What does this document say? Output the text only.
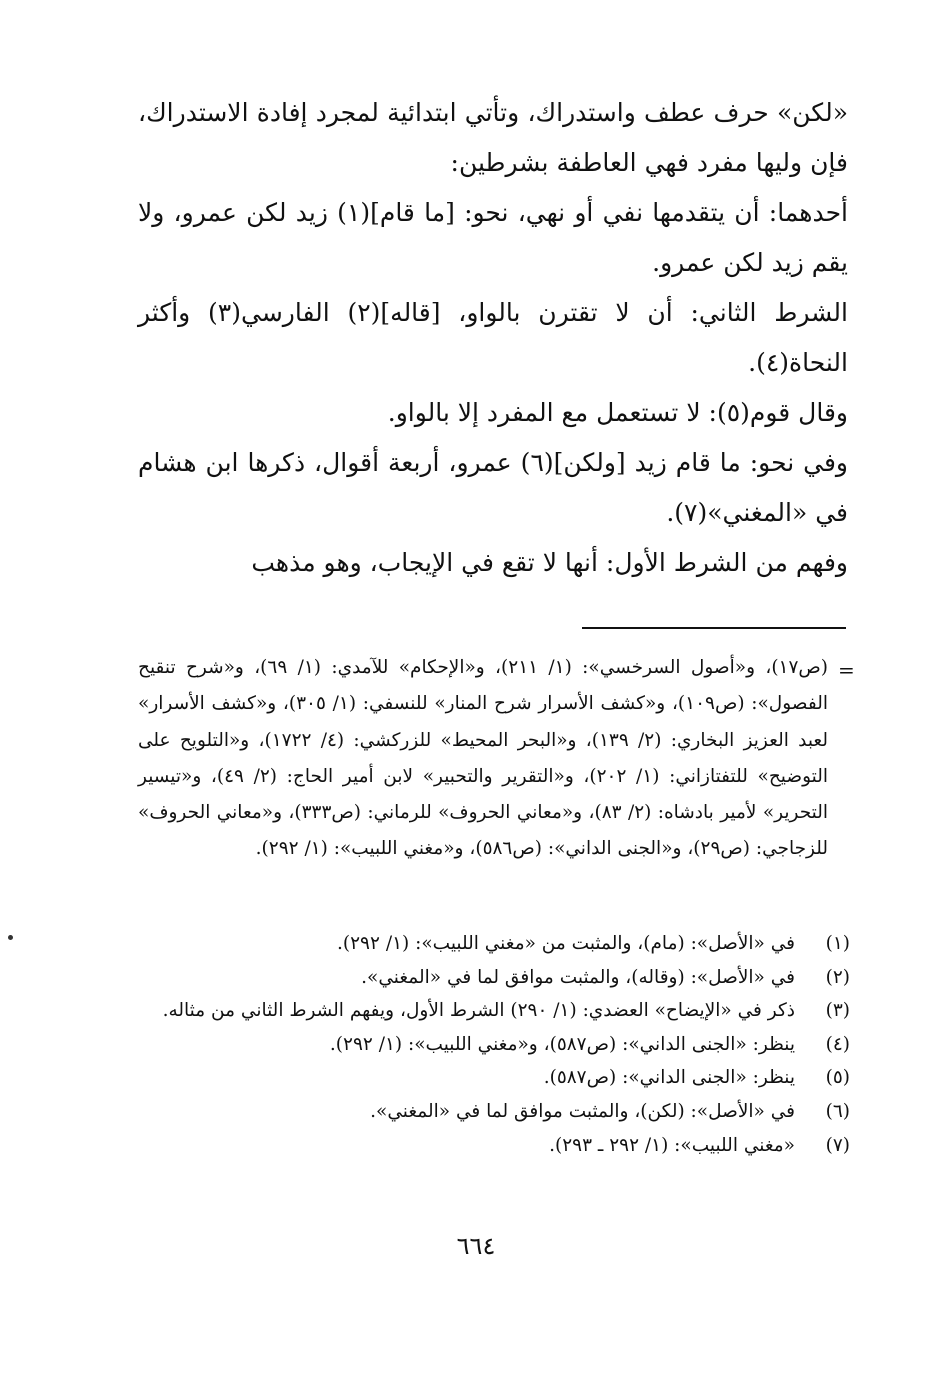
«لكن» حرف عطف واستدراك، وتأتي ابتدائية لمجرد إفادة الاستدراك، فإن وليها مفرد فهي العاطفة بشرطين:

أحدهما: أن يتقدمها نفي أو نهي، نحو: [ما قام](١) زيد لكن عمرو، ولا يقم زيد لكن عمرو.

الشرط الثاني: أن لا تقترن بالواو، [قاله](٢) الفارسي(٣) وأكثر النحاة(٤).

وقال قوم(٥): لا تستعمل مع المفرد إلا بالواو.

وفي نحو: ما قام زيد [ولكن](٦) عمرو، أربعة أقوال، ذكرها ابن هشام في «المغني»(٧).

وفهم من الشرط الأول: أنها لا تقع في الإيجاب، وهو مذهب

=
(ص١٧)، و«أصول السرخسي»: (١/ ٢١١)، و«الإحكام» للآمدي: (١/ ٦٩)، و«شرح تنقيح الفصول»: (ص١٠٩)، و«كشف الأسرار شرح المنار» للنسفي: (١/ ٣٠٥)، و«كشف الأسرار» لعبد العزيز البخاري: (٢/ ١٣٩)، و«البحر المحيط» للزركشي: (٤/ ١٧٢٢)، و«التلويح على التوضيح» للتفتازاني: (١/ ٢٠٢)، و«التقرير والتحبير» لابن أمير الحاج: (٢/ ٤٩)، و«تيسير التحرير» لأمير بادشاه: (٢/ ٨٣)، و«معاني الحروف» للرماني: (ص٣٣٣)، و«معاني الحروف» للزجاجي: (ص٢٩)، و«الجنى الداني»: (ص٥٨٦)، و«مغني اللبيب»: (١/ ٢٩٢).
(١)
في «الأصل»: (مام)، والمثبت من «مغني اللبيب»: (١/ ٢٩٢).
(٢)
في «الأصل»: (وقاله)، والمثبت موافق لما في «المغني».
(٣)
ذكر في «الإيضاح» العضدي: (١/ ٢٩٠) الشرط الأول، ويفهم الشرط الثاني من مثاله.
(٤)
ينظر: «الجنى الداني»: (ص٥٨٧)، و«مغني اللبيب»: (١/ ٢٩٢).
(٥)
ينظر: «الجنى الداني»: (ص٥٨٧).
(٦)
في «الأصل»: (لكن)، والمثبت موافق لما في «المغني».
(٧)
«مغني اللبيب»: (١/ ٢٩٢ ـ ٢٩٣).
٦٦٤
